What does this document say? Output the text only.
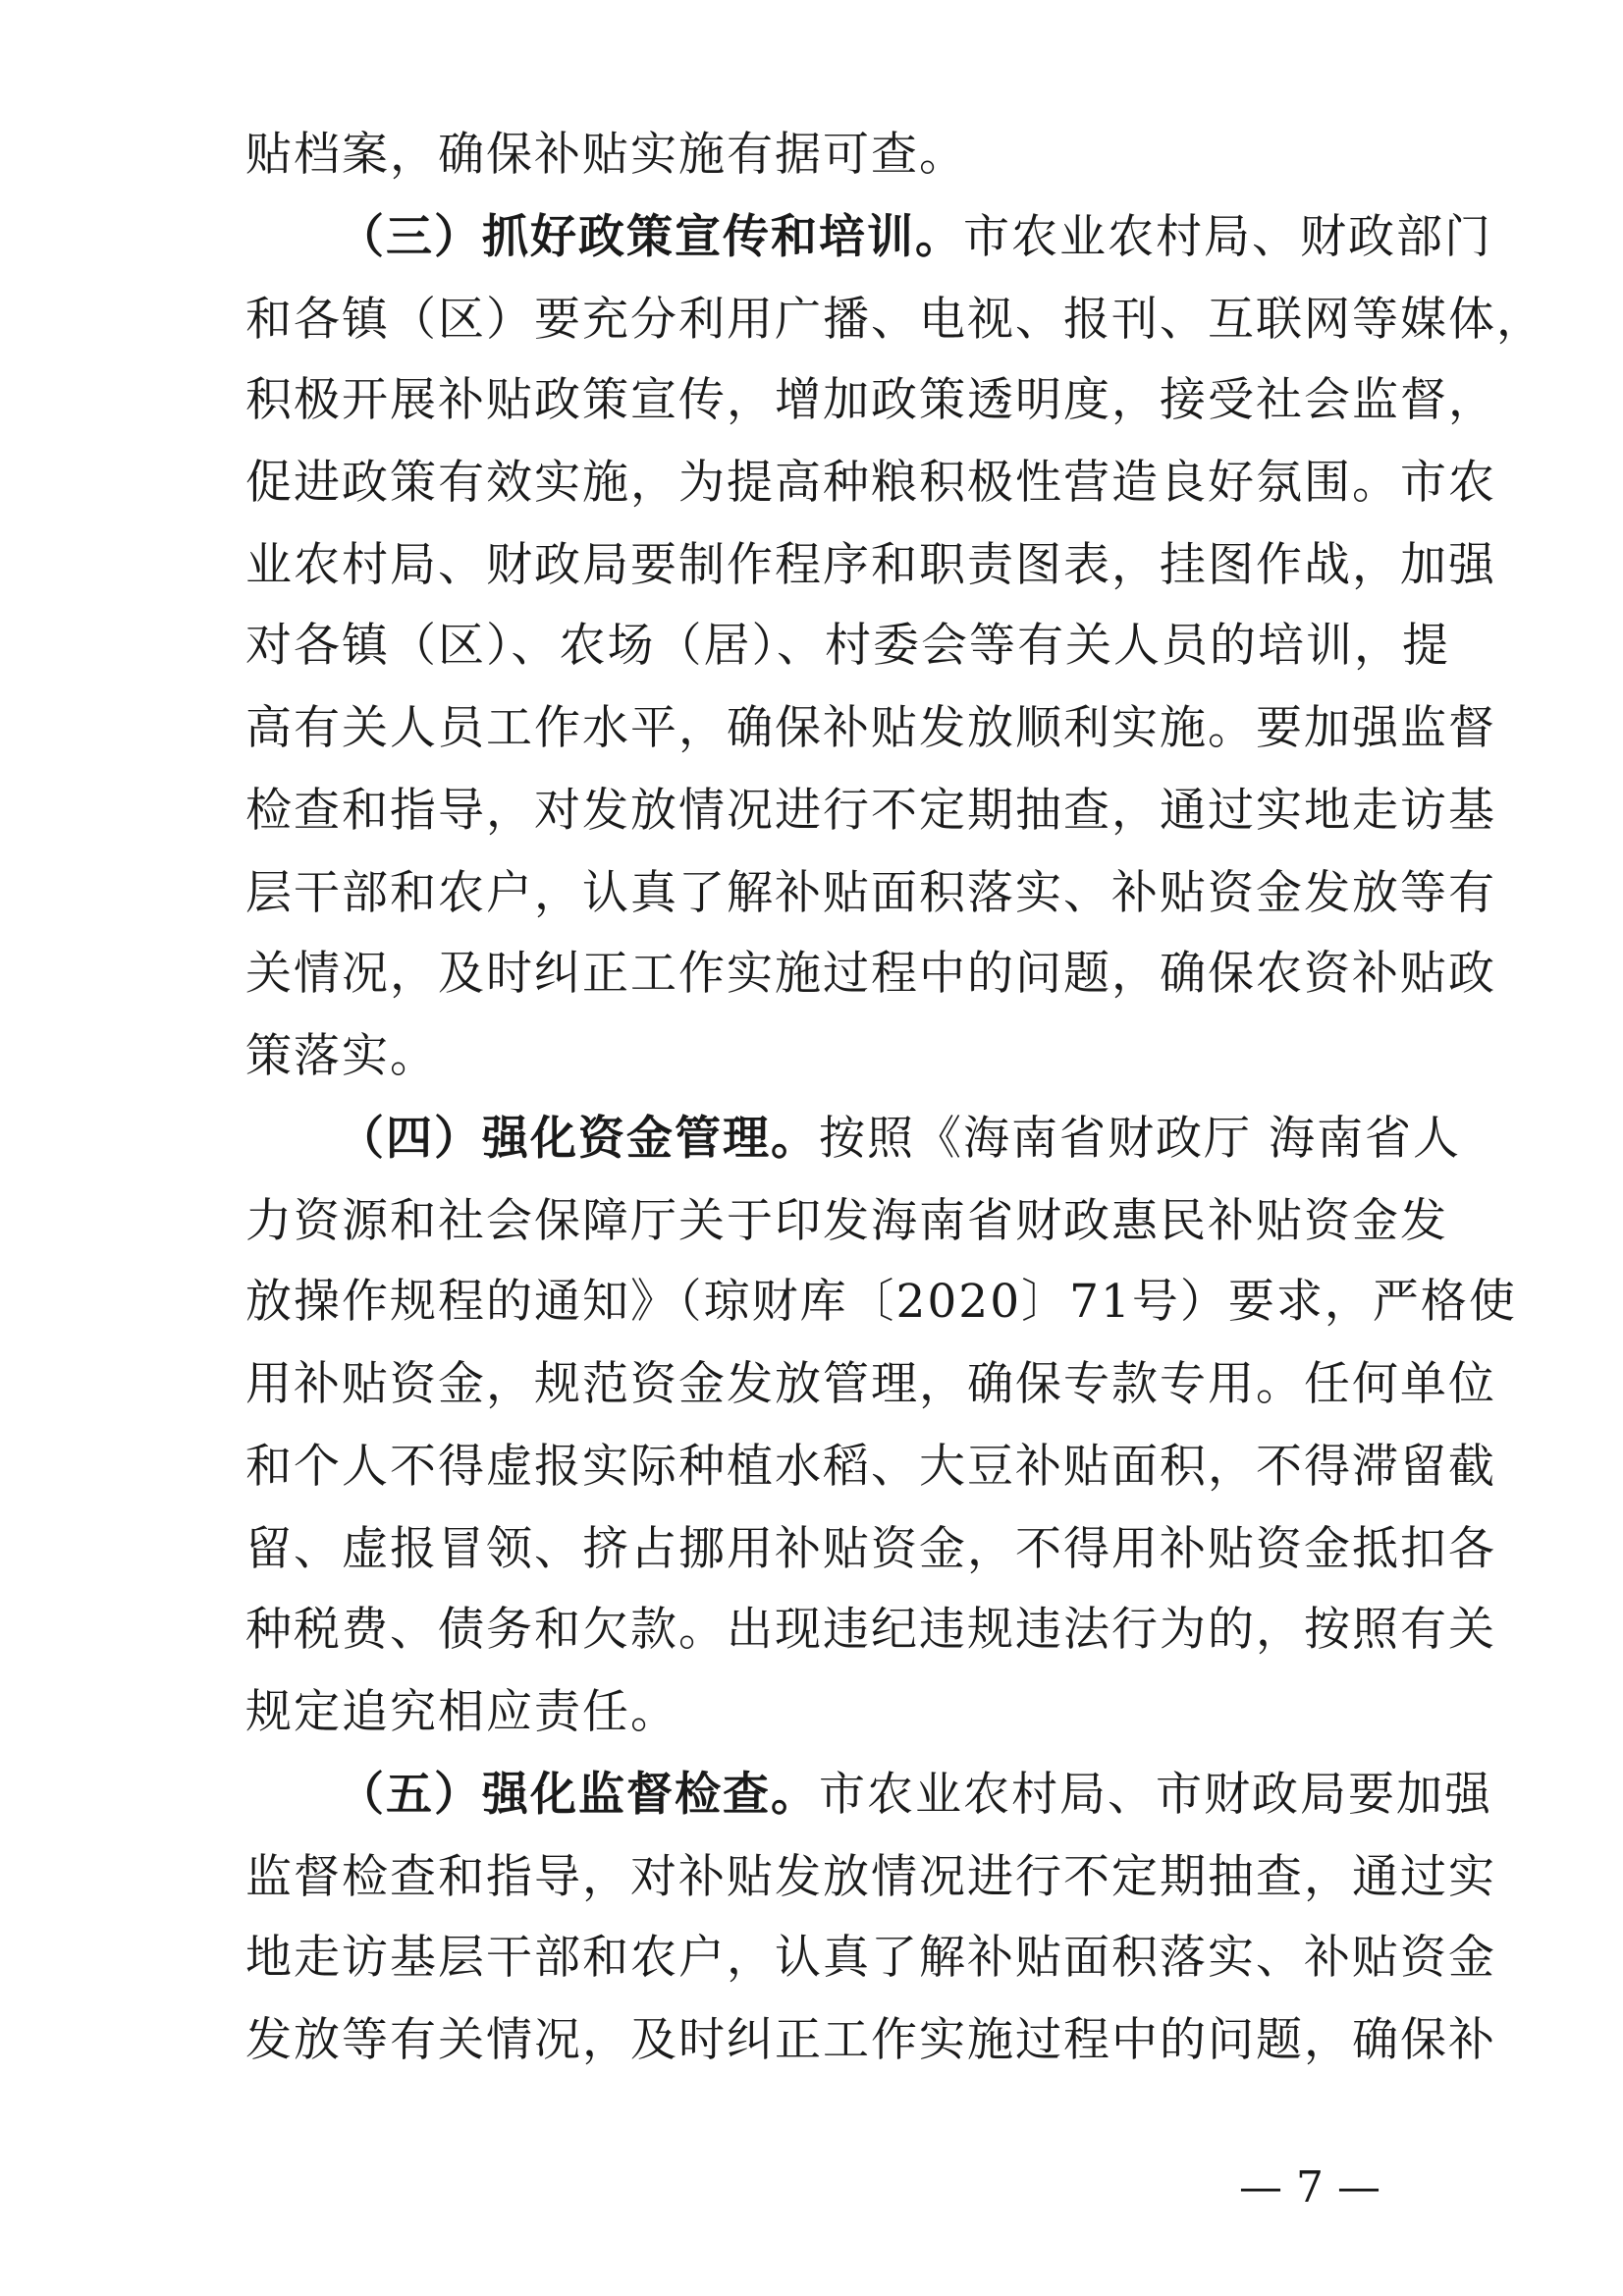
贴档案，确保补贴实施有据可查。
（三）抓好政策宣传和培训。市农业农村局、财政部门
和各镇（区）要充分利用广播、电视、报刊、互联网等媒体，
积极开展补贴政策宣传，增加政策透明度，接受社会监督，
促进政策有效实施，为提高种粮积极性营造良好氛围。市农
业农村局、财政局要制作程序和职责图表，挂图作战，加强
对各镇（区）、农场（居）、村委会等有关人员的培训，提
高有关人员工作水平，确保补贴发放顺利实施。要加强监督
检查和指导，对发放情况进行不定期抽查，通过实地走访基
层干部和农户，认真了解补贴面积落实、补贴资金发放等有
关情况，及时纠正工作实施过程中的问题，确保农资补贴政
策落实。
（四）强化资金管理。按照《海南省财政厅 海南省人
力资源和社会保障厅关于印发海南省财政惠民补贴资金发
放操作规程的通知》（琼财库〔2020〕71号）要求，严格使
用补贴资金，规范资金发放管理，确保专款专用。任何单位
和个人不得虚报实际种植水稻、大豆补贴面积，不得滞留截
留、虚报冒领、挤占挪用补贴资金，不得用补贴资金抵扣各
种税费、债务和欠款。出现违纪违规违法行为的，按照有关
规定追究相应责任。
（五）强化监督检查。市农业农村局、市财政局要加强
监督检查和指导，对补贴发放情况进行不定期抽查，通过实
地走访基层干部和农户，认真了解补贴面积落实、补贴资金
发放等有关情况，及时纠正工作实施过程中的问题，确保补
— 7 —
